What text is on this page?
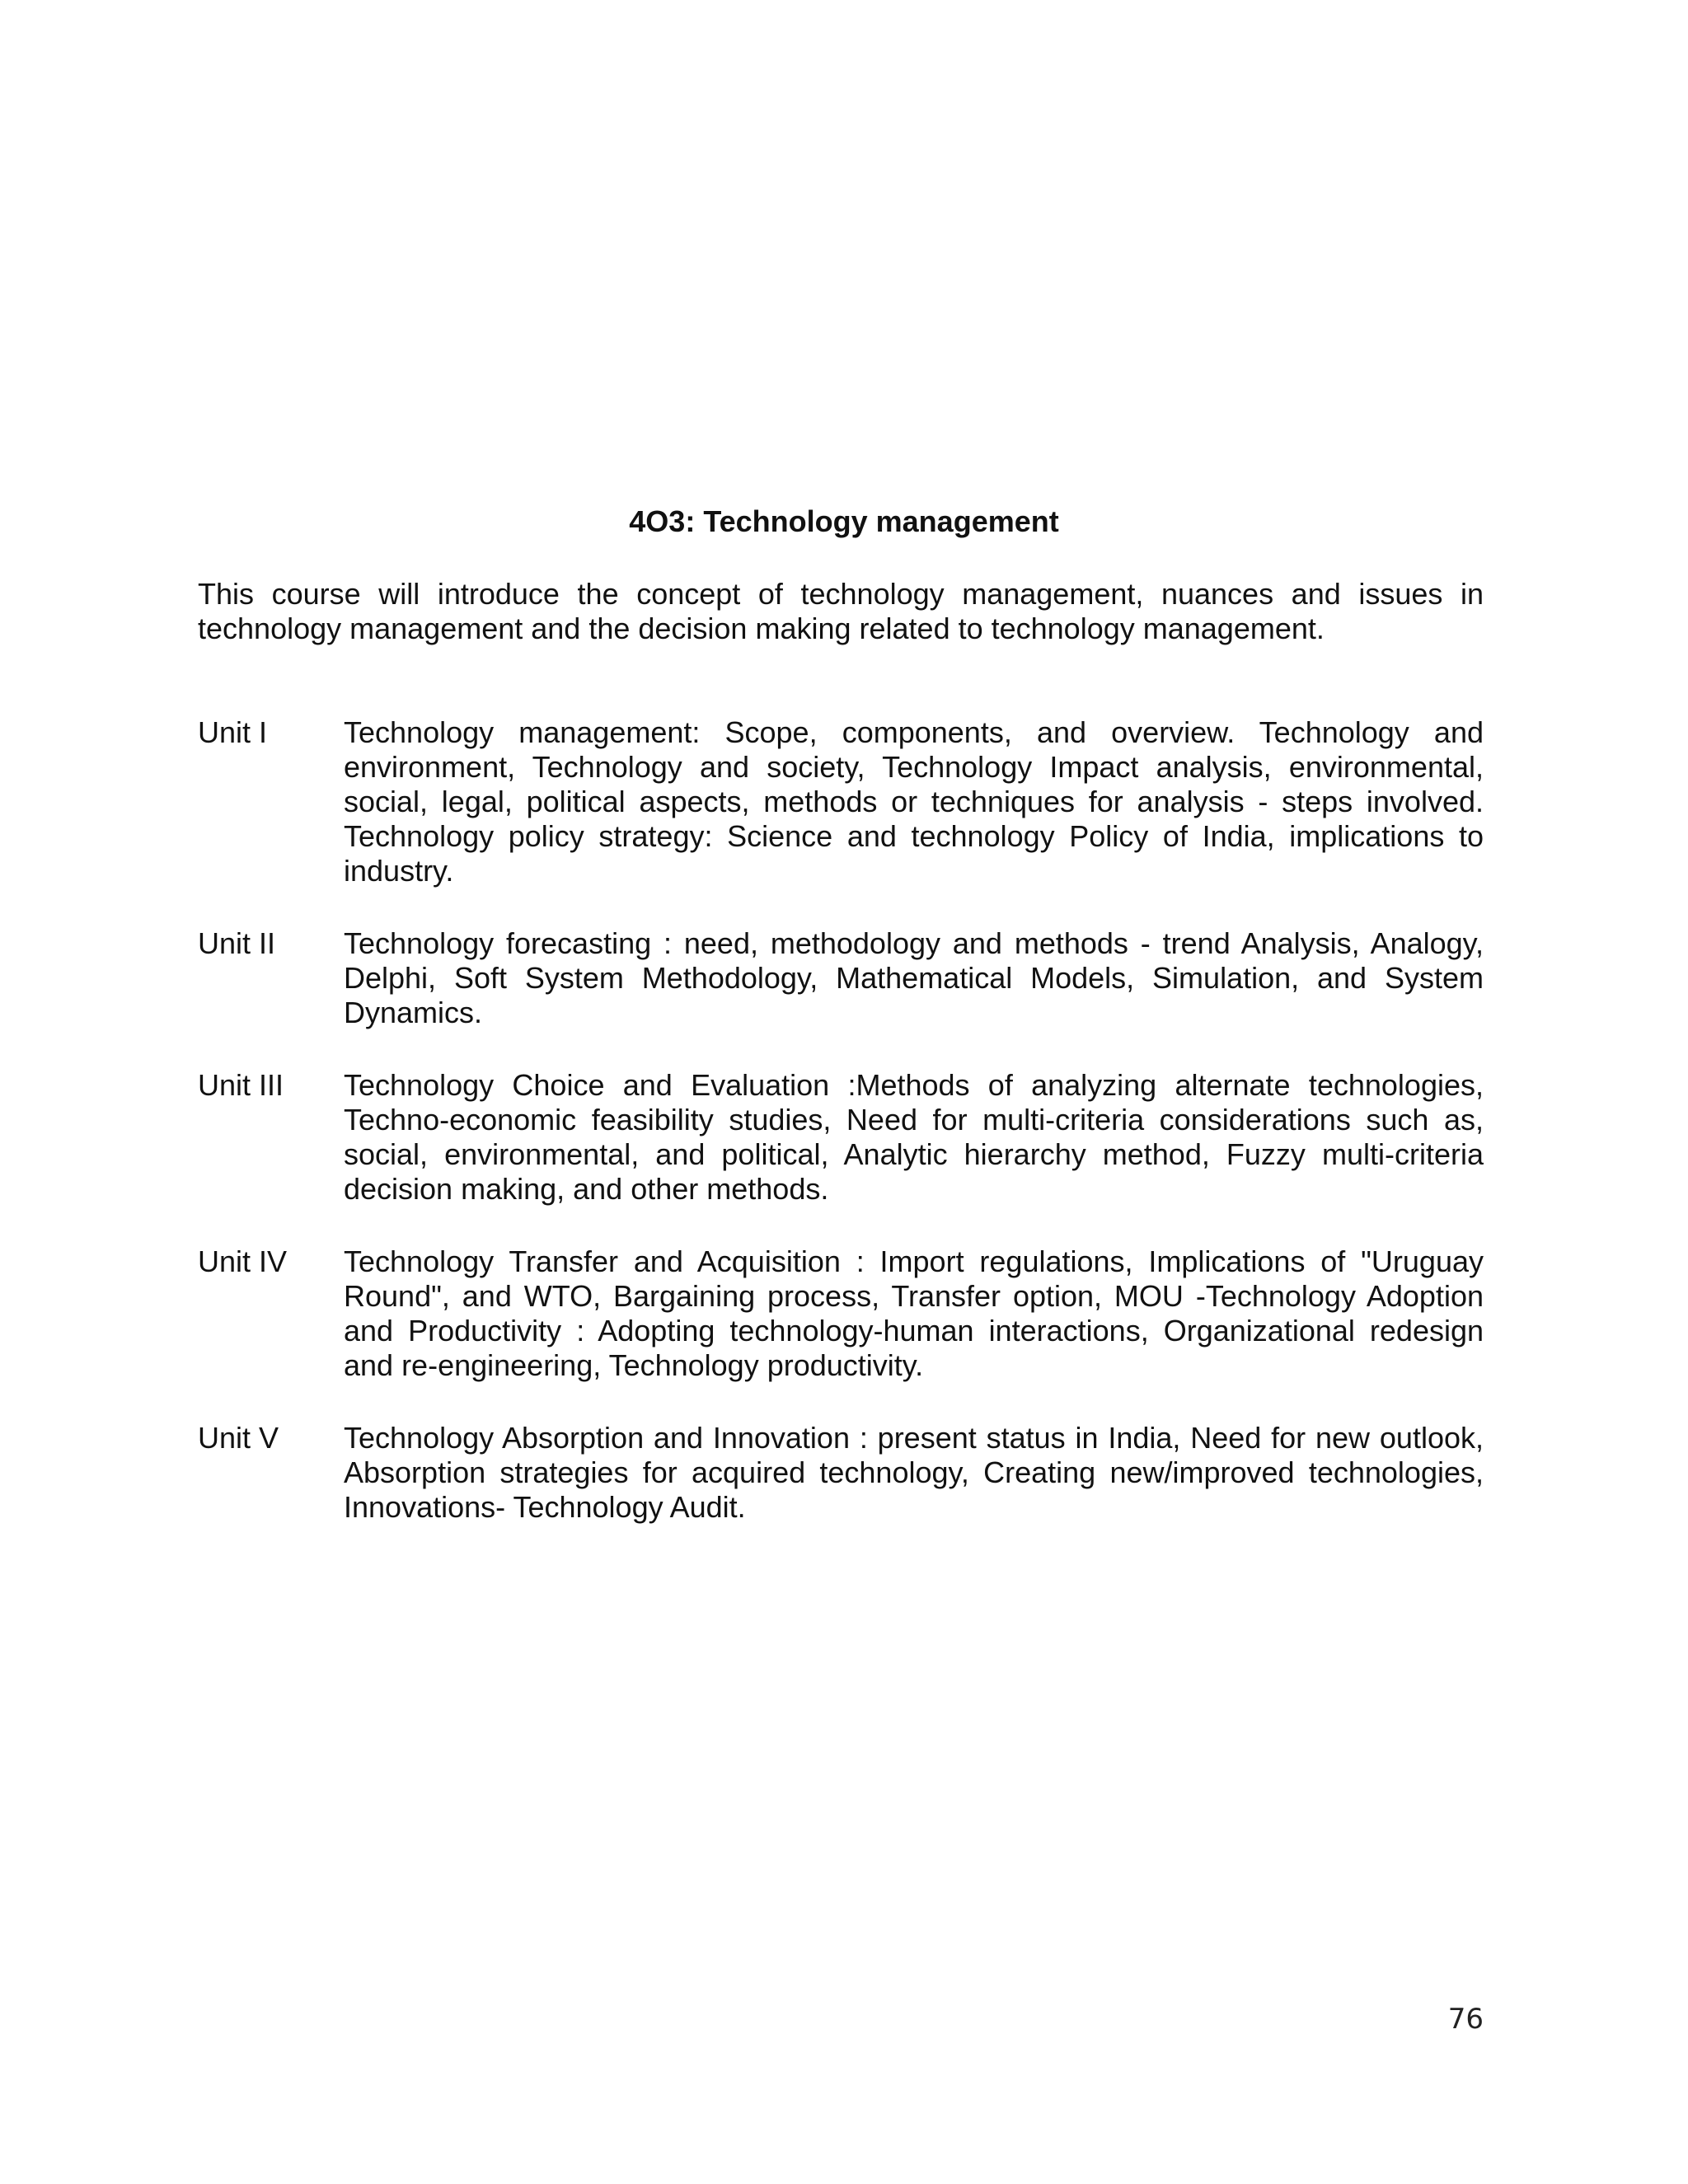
4O3: Technology management
This course will introduce the concept of technology management, nuances and issues in technology management and the decision making related to technology management.
Unit I	Technology management: Scope, components, and overview. Technology and environment, Technology and society, Technology Impact analysis, environmental, social, legal, political aspects, methods or techniques for analysis - steps involved. Technology policy strategy: Science and technology Policy of India, implications to industry.
Unit II	Technology forecasting : need, methodology and methods - trend Analysis, Analogy, Delphi, Soft System Methodology, Mathematical Models, Simulation, and System Dynamics.
Unit III	Technology Choice and Evaluation :Methods of analyzing alternate technologies, Techno-economic feasibility studies, Need for multi-criteria considerations such as, social, environmental, and political, Analytic hierarchy method, Fuzzy multi-criteria decision making, and other methods.
Unit IV	Technology Transfer and Acquisition : Import regulations, Implications of "Uruguay Round", and WTO, Bargaining process, Transfer option, MOU -Technology Adoption and Productivity : Adopting technology-human interactions, Organizational redesign and re-engineering, Technology productivity.
Unit V	Technology Absorption and Innovation : present status in India, Need for new outlook, Absorption strategies for acquired technology, Creating new/improved technologies, Innovations- Technology Audit.
76
